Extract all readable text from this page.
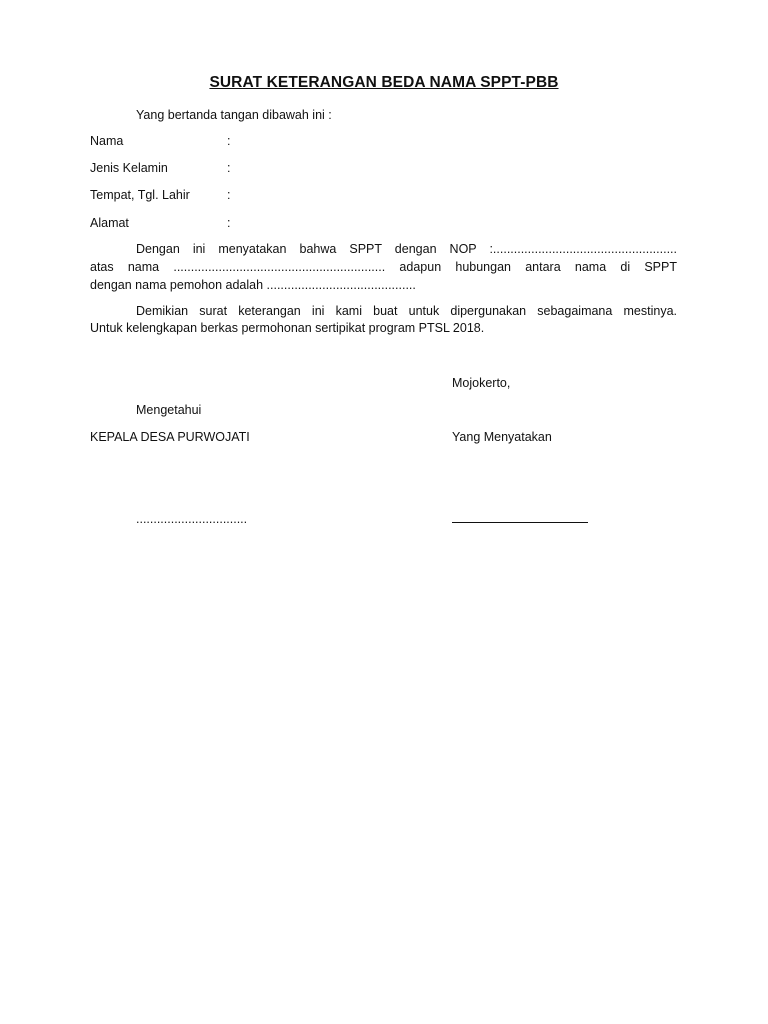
SURAT KETERANGAN BEDA NAMA SPPT-PBB
Yang bertanda tangan dibawah ini :
Nama	:
Jenis Kelamin	:
Tempat, Tgl. Lahir	:
Alamat	:
Dengan ini menyatakan bahwa SPPT dengan NOP :.....................................................
atas nama ............................................................. adapun hubungan antara nama di SPPT
dengan nama pemohon adalah ...........................................
Demikian surat keterangan ini kami buat untuk dipergunakan sebagaimana mestinya.
Untuk kelengkapan berkas permohonan sertipikat program PTSL 2018.
Mojokerto,
Mengetahui
KEPALA DESA PURWOJATI	Yang Menyatakan
................................
